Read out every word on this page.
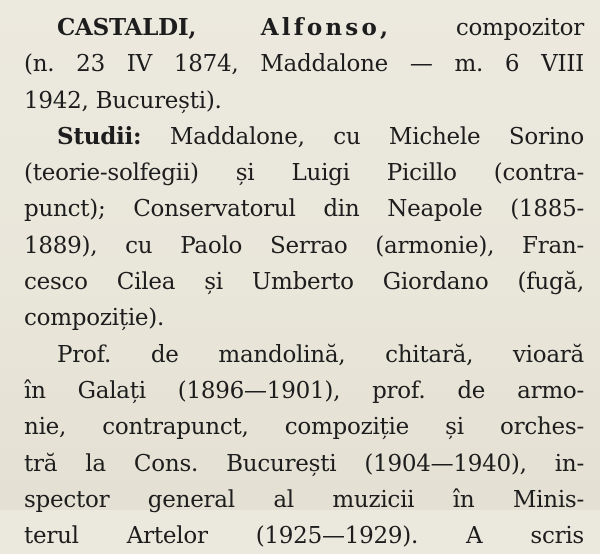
CASTALDI,	Alfonso,	compozitor
(n. 23 IV 1874, Maddalone — m. 6 VIII
1942, București).
Studii: Maddalone, cu Michele Sorino
(teorie-solfegii) și Luigi Picillo (contra-
punct); Conservatorul din Neapole (1885-
1889), cu Paolo Serrao (armonie), Fran-
cesco Cilea și Umberto Giordano (fugă,
compoziție).
Prof. de mandolină, chitară, vioară
în Galați (1896—1901), prof. de armo-
nie, contrapunct, compoziție și orches-
tră la Cons. București (1904—1940), in-
spector general al muzicii în Minis-
terul Artelor (1925—1929). A scris
